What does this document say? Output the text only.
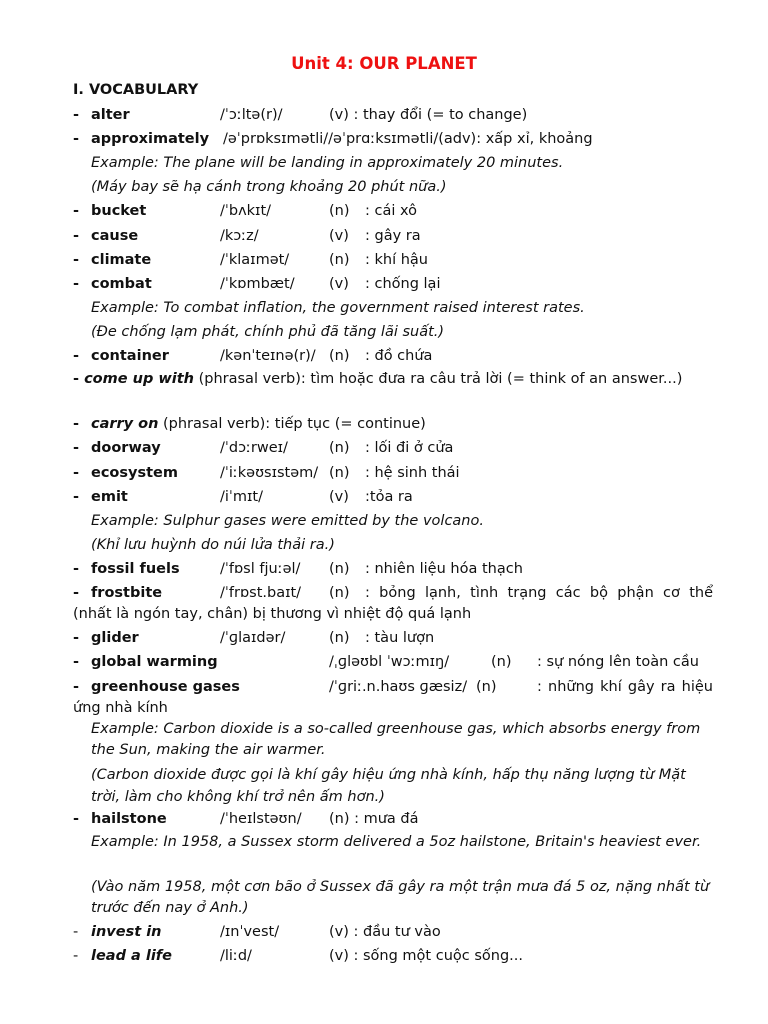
Unit 4: OUR PLANET
I. VOCABULARY
- alter	/ˈɔːltə(r)/	(v) : thay đổi (= to change)
- approximately /əˈprɒksɪmətli//əˈprɑːksɪmətli/(adv): xấp xỉ, khoảng
Example: The plane will be landing in approximately 20 minutes.
(Máy bay sẽ hạ cánh trong khoảng 20 phút nữa.)
- bucket	/ˈbʌkɪt/	(n) : cái xô
- cause	/kɔːz/	(v) : gây ra
- climate	/ˈklaɪmət/	(n) : khí hậu
- combat	/ˈkɒmbæt/ (v) : chống lại
Example: To combat inflation, the government raised interest rates.
(Đe chống lạm phát, chính phủ đã tăng lãi suất.)
- container	/kənˈteɪnə(r)/ (n) : đồ chứa
- come up with (phrasal verb): tìm hoặc đưa ra câu trả lời (= think of an answer...)
- carry on (phrasal verb): tiếp tục (= continue)
- doorway	/ˈdɔːrweɪ/	(n) : lối đi ở cửa
- ecosystem	/ˈiːkəʊsɪstəm/ (n) : hệ sinh thái
- emit	/iˈmɪt/	(v) :tỏa ra
Example: Sulphur gases were emitted by the volcano.
(Khỉ lưu huỳnh do núi lửa thải ra.)
- fossil fuels	/ˈfɒsl fjuːəl/ (n) : nhiên liệu hóa thạch
- frostbite	/ˈfrɒst.baɪt/ (n)	: bỏng lạnh, tình trạng các bộ phận cơ thể (nhất là ngón tay, chân) bị thương vì nhiệt độ quá lạnh
- glider	/ˈɡlaɪdər/	(n) : tàu lượn
- global warming	/ˌɡləʊbl ˈwɔːmɪŋ/	(n) : sự nóng lên toàn cầu
- greenhouse gases	/ˈɡriː.n.haʊs ɡæsiz/ (n)	: những khí gây ra hiệu ứng nhà kính
Example: Carbon dioxide is a so-called greenhouse gas, which absorbs energy from the Sun, making the air warmer.
(Carbon dioxide được gọi là khí gây hiệu ứng nhà kính, hấp thụ năng lượng từ Mặt trời, làm cho không khí trở nên ấm hơn.)
- hailstone	/ˈheɪlstəʊn/ (n) : mưa đá
Example: In 1958, a Sussex storm delivered a 5oz hailstone, Britain's heaviest ever.
(Vào năm 1958, một cơn bão ở Sussex đã gây ra một trận mưa đá 5 oz, nặng nhất từ trước đến nay ở Anh.)
- invest in	/ɪnˈvest/	(v) : đầu tư vào
- lead a life	/liːd/	(v) : sống một cuộc sống...
